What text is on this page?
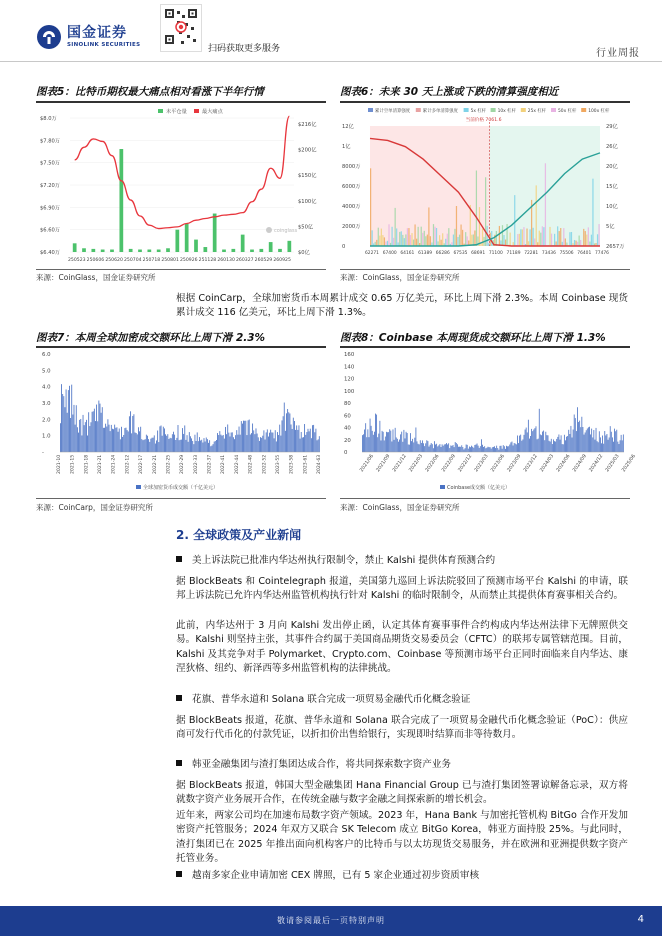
国金证券
SINOLINK SECURITIES	扫码获取更多服务	行业周报
图表5：比特币期权最大痛点相对看涨下半年行情
未平仓量	最大痛点
$8.0万
$7.80万
$7.50万
$7.20万
$6.90万
$6.60万
$6.40万
$216亿
$200亿
$150亿
$100亿
$50亿
$0亿
coinglass
250523 250606 250620 250704 250718 250801 250926 251128 260130 260327 260529 260925
来源：CoinGlass，国金证券研究所
图表6：未来 30 天上涨或下跌的清算强度相近
累计空单清算强度	累计多单清算强度	5x 杠杆	10x 杠杆	25x 杠杆	50x 杠杆	100x 杠杆
12亿
1亿
8000万
6000万
4000万
2000万
0
29亿
26亿
20亿
15亿
10亿
5亿
2657万
当前价格 7061.6
62271 67400 64161 61389 66286 67535 68691 71100 71189 72281 73436 75506 76401 77476
来源：CoinGlass，国金证券研究所
根据 CoinCarp，全球加密货币本周累计成交 0.65 万亿美元，环比上周下滑 2.3%。本周 Coinbase 现货累计成交 116 亿美元，环比上周下滑 1.3%。
图表7：本周全球加密成交额环比上周下滑 2.3%
6.0
5.0
4.0
3.0
2.0
1.0
-
2021-10 2021-15 2021-18 2021-21 2021-24 2022-12 2022-17 2022-21 2022-25 2022-29 2022-33 2022-37 2022-41 2022-44 2022-48 2022-52 2023-55 2023-58 2023-61 2024-63
全球加密货币成交额（千亿美元）
来源：CoinCarp，国金证券研究所
图表8：Coinbase 本周现货成交额环比上周下滑 1.3%
160
140
120
100
80
60
40
20
0
2021/06 2021/09 2021/12 2022/03 2022/06 2022/09 2022/12 2023/03 2023/06 2023/09 2023/12 2024/03 2024/06 2024/09 2024/12 2025/03 2025/06
Coinbase成交额（亿美元）
来源：CoinGlass，国金证券研究所
2. 全球政策及产业新闻
美上诉法院已批准内华达州执行限制令，禁止 Kalshi 提供体育预测合约
据 BlockBeats 和 Cointelegraph 报道，美国第九巡回上诉法院驳回了预测市场平台 Kalshi 的申请，联邦上诉法院已允许内华达州监管机构执行针对 Kalshi 的临时限制令，从而禁止其提供体育赛事相关合约。
此前，内华达州于 3 月向 Kalshi 发出停止函，认定其体育赛事事件合约构成内华达州法律下无牌照供交易。Kalshi 则坚持主张，其事件合约属于美国商品期货交易委员会（CFTC）的联邦专属管辖范围。目前，Kalshi 及其竞争对手 Polymarket、Crypto.com、Coinbase 等预测市场平台正同时面临来自内华达、康涅狄格、纽约、新泽西等多州监管机构的法律挑战。
花旗、普华永道和 Solana 联合完成一项贸易金融代币化概念验证
据 BlockBeats 报道，花旗、普华永道和 Solana 联合完成了一项贸易金融代币化概念验证（PoC）：供应商可发行代币化的付款凭证，以折扣价出售给银行，实现即时结算而非等待数月。
韩亚金融集团与渣打集团达成合作，将共同探索数字资产业务
据 BlockBeats 报道，韩国大型金融集团 Hana Financial Group 已与渣打集团签署谅解备忘录，双方将就数字资产业务展开合作，在传统金融与数字金融之间探索新的增长机会。
近年来，两家公司均在加速布局数字资产领域。2023 年，Hana Bank 与加密托管机构 BitGo 合作开发加密资产托管服务；2024 年双方又联合 SK Telecom 成立 BitGo Korea，韩亚方面持股 25%。与此同时，渣打集团已在 2025 年推出面向机构客户的比特币与以太坊现货交易服务，并在欧洲和亚洲提供数字资产托管业务。
越南多家企业申请加密 CEX 牌照，已有 5 家企业通过初步资质审核
敬请参阅最后一页特别声明	4
